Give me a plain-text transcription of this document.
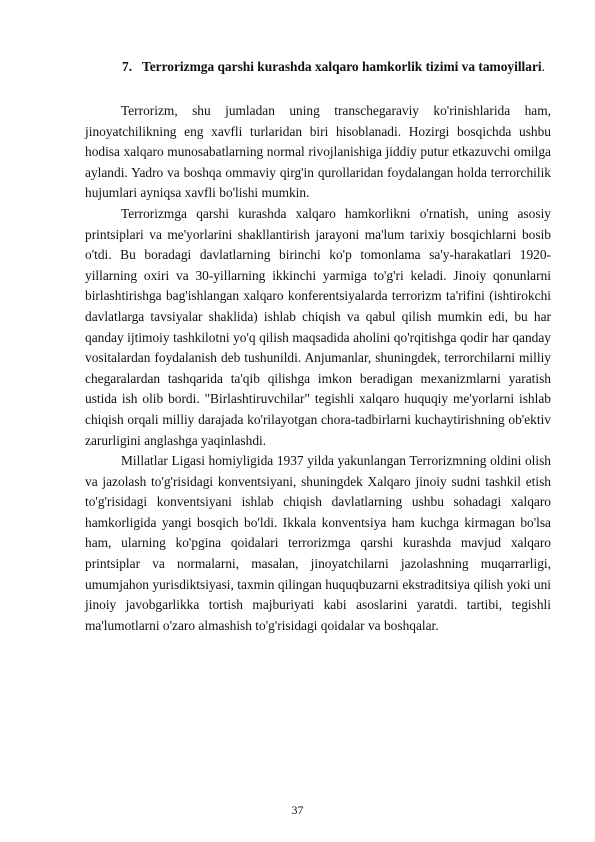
7. Terrorizmga qarshi kurashda xalqaro hamkorlik tizimi va tamoyillari.

Terrorizm, shu jumladan uning transchegaraviy ko'rinishlarida ham, jinoyatchilikning eng xavfli turlaridan biri hisoblanadi. Hozirgi bosqichda ushbu hodisa xalqaro munosabatlarning normal rivojlanishiga jiddiy putur etkazuvchi omilga aylandi. Yadro va boshqa ommaviy qirg'in qurollaridan foydalangan holda terrorchilik hujumlari ayniqsa xavfli bo'lishi mumkin.

Terrorizmga qarshi kurashda xalqaro hamkorlikni o'rnatish, uning asosiy printsiplari va me'yorlarini shakllantirish jarayoni ma'lum tarixiy bosqichlarni bosib o'tdi. Bu boradagi davlatlarning birinchi ko'p tomonlama sa'y-harakatlari 1920-yillarning oxiri va 30-yillarning ikkinchi yarmiga to'g'ri keladi. Jinoiy qonunlarni birlashtirishga bag'ishlangan xalqaro konferentsiyalarda terrorizm ta'rifini (ishtirokchi davlatlarga tavsiyalar shaklida) ishlab chiqish va qabul qilish mumkin edi, bu har qanday ijtimoiy tashkilotni yo'q qilish maqsadida aholini qo'rqitishga qodir har qanday vositalardan foydalanish deb tushunildi. Anjumanlar, shuningdek, terrorchilarni milliy chegaralardan tashqarida ta'qib qilishga imkon beradigan mexanizmlarni yaratish ustida ish olib bordi. "Birlashtiruvchilar" tegishli xalqaro huquqiy me'yorlarni ishlab chiqish orqali milliy darajada ko'rilayotgan chora-tadbirlarni kuchaytirishning ob'ektiv zarurligini anglashga yaqinlashdi.

Millatlar Ligasi homiyligida 1937 yilda yakunlangan Terrorizmning oldini olish va jazolash to'g'risidagi konventsiyani, shuningdek Xalqaro jinoiy sudni tashkil etish to'g'risidagi konventsiyani ishlab chiqish davlatlarning ushbu sohadagi xalqaro hamkorligida yangi bosqich bo'ldi. Ikkala konventsiya ham kuchga kirmagan bo'lsa ham, ularning ko'pgina qoidalari terrorizmga qarshi kurashda mavjud xalqaro printsiplar va normalarni, masalan, jinoyatchilarni jazolashning muqarrarligi, umumjahon yurisdiktsiyasi, taxmin qilingan huquqbuzarni ekstraditsiya qilish yoki uni jinoiy javobgarlikka tortish majburiyati kabi asoslarini yaratdi. tartibi, tegishli ma'lumotlarni o'zaro almashish to'g'risidagi qoidalar va boshqalar.

37
